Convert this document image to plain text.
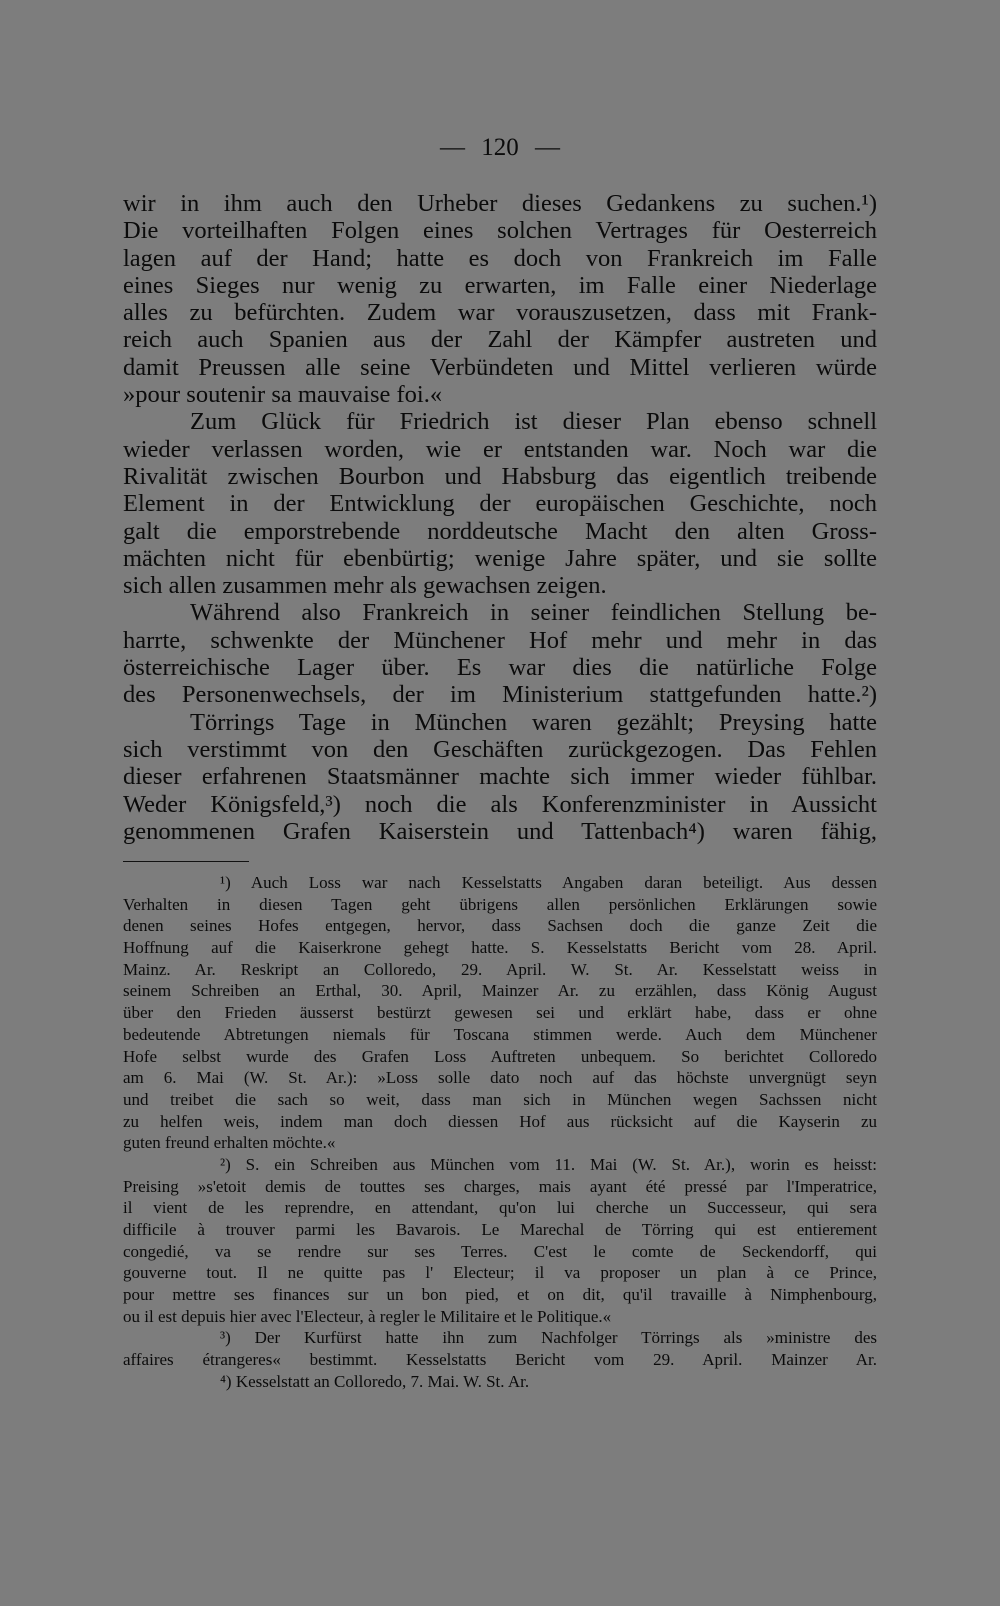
— 120 —
wir in ihm auch den Urheber dieses Gedankens zu suchen.¹)
Die vorteilhaften Folgen eines solchen Vertrages für Oesterreich
lagen auf der Hand; hatte es doch von Frankreich im Falle
eines Sieges nur wenig zu erwarten, im Falle einer Niederlage
alles zu befürchten. Zudem war vorauszusetzen, dass mit Frank-
reich auch Spanien aus der Zahl der Kämpfer austreten und
damit Preussen alle seine Verbündeten und Mittel verlieren würde
»pour soutenir sa mauvaise foi.«
Zum Glück für Friedrich ist dieser Plan ebenso schnell
wieder verlassen worden, wie er entstanden war. Noch war die
Rivalität zwischen Bourbon und Habsburg das eigentlich treibende
Element in der Entwicklung der europäischen Geschichte, noch
galt die emporstrebende norddeutsche Macht den alten Gross-
mächten nicht für ebenbürtig; wenige Jahre später, und sie sollte
sich allen zusammen mehr als gewachsen zeigen.
Während also Frankreich in seiner feindlichen Stellung be-
harrte, schwenkte der Münchener Hof mehr und mehr in das
österreichische Lager über. Es war dies die natürliche Folge
des Personenwechsels, der im Ministerium stattgefunden hatte.²)
Törrings Tage in München waren gezählt; Preysing hatte
sich verstimmt von den Geschäften zurückgezogen. Das Fehlen
dieser erfahrenen Staatsmänner machte sich immer wieder fühlbar.
Weder Königsfeld,³) noch die als Konferenzminister in Aussicht
genommenen Grafen Kaiserstein und Tattenbach⁴) waren fähig,
¹) Auch Loss war nach Kesselstatts Angaben daran beteiligt. Aus dessen
Verhalten in diesen Tagen geht übrigens allen persönlichen Erklärungen sowie
denen seines Hofes entgegen, hervor, dass Sachsen doch die ganze Zeit die
Hoffnung auf die Kaiserkrone gehegt hatte. S. Kesselstatts Bericht vom 28. April.
Mainz. Ar. Reskript an Colloredo, 29. April. W. St. Ar. Kesselstatt weiss in
seinem Schreiben an Erthal, 30. April, Mainzer Ar. zu erzählen, dass König August
über den Frieden äusserst bestürzt gewesen sei und erklärt habe, dass er ohne
bedeutende Abtretungen niemals für Toscana stimmen werde. Auch dem Münchener
Hofe selbst wurde des Grafen Loss Auftreten unbequem. So berichtet Colloredo
am 6. Mai (W. St. Ar.): »Loss solle dato noch auf das höchste unvergnügt seyn
und treibet die sach so weit, dass man sich in München wegen Sachssen nicht
zu helfen weis, indem man doch diessen Hof aus rücksicht auf die Kayserin zu
guten freund erhalten möchte.«
²) S. ein Schreiben aus München vom 11. Mai (W. St. Ar.), worin es heisst:
Preising »s'etoit demis de touttes ses charges, mais ayant été pressé par l'Imperatrice,
il vient de les reprendre, en attendant, qu'on lui cherche un Successeur, qui sera
difficile à trouver parmi les Bavarois. Le Marechal de Törring qui est entierement
congedié, va se rendre sur ses Terres. C'est le comte de Seckendorff, qui
gouverne tout. Il ne quitte pas l' Electeur; il va proposer un plan à ce Prince,
pour mettre ses finances sur un bon pied, et on dit, qu'il travaille à Nimphenbourg,
ou il est depuis hier avec l'Electeur, à regler le Militaire et le Politique.«
³) Der Kurfürst hatte ihn zum Nachfolger Törrings als »ministre des
affaires étrangeres« bestimmt. Kesselstatts Bericht vom 29. April. Mainzer Ar.
⁴) Kesselstatt an Colloredo, 7. Mai. W. St. Ar.
